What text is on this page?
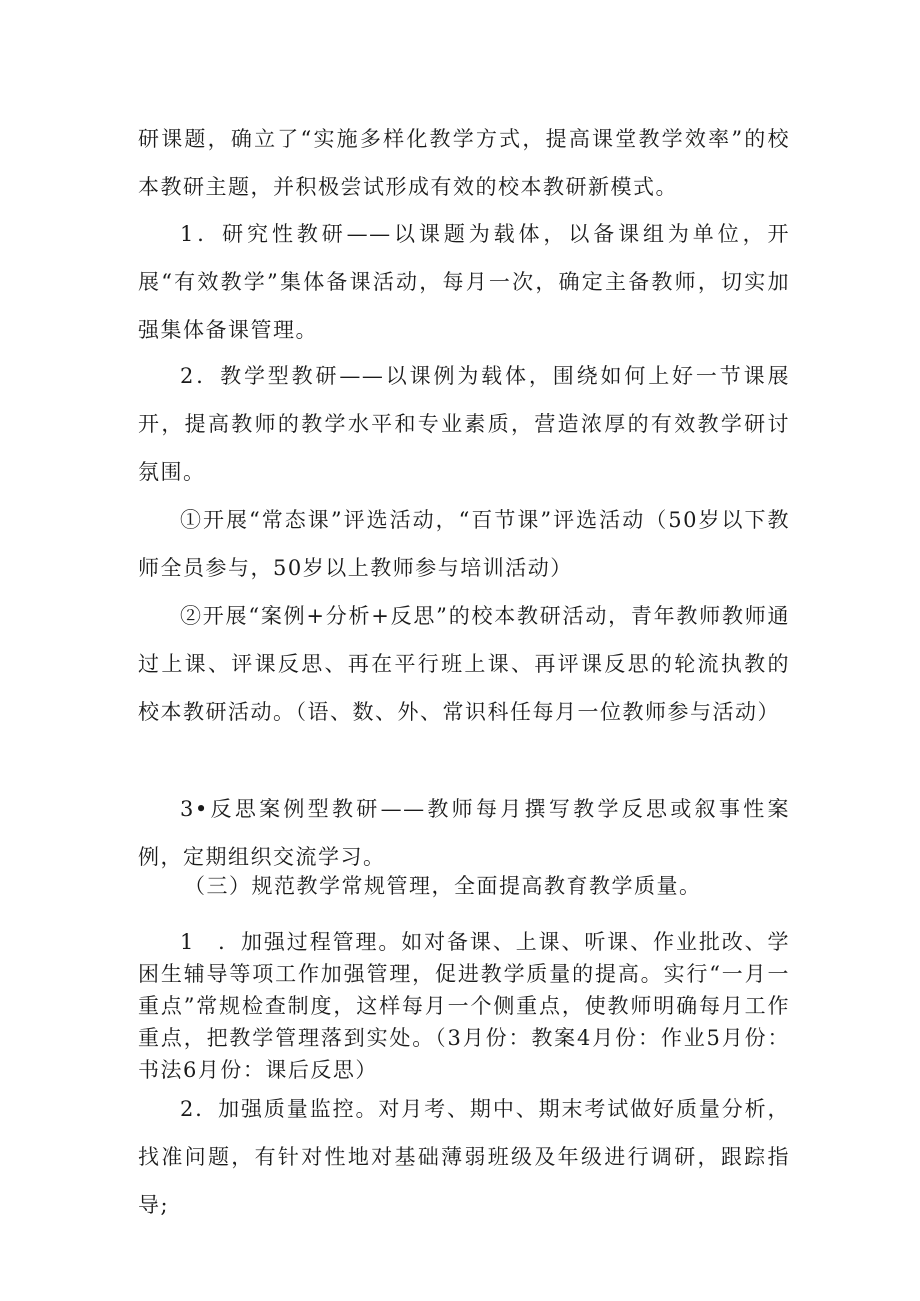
研课题，确立了“实施多样化教学方式，提高课堂教学效率”的校本教研主题，并积极尝试形成有效的校本教研新模式。

1．研究性教研——以课题为载体，以备课组为单位，开展“有效教学”集体备课活动，每月一次，确定主备教师，切实加强集体备课管理。

2．教学型教研——以课例为载体，围绕如何上好一节课展开，提高教师的教学水平和专业素质，营造浓厚的有效教学研讨氛围。

①开展“常态课”评选活动，“百节课”评选活动（50岁以下教师全员参与，50岁以上教师参与培训活动）

②开展“案例+分析+反思”的校本教研活动，青年教师教师通过上课、评课反思、再在平行班上课、再评课反思的轮流执教的校本教研活动。（语、数、外、常识科任每月一位教师参与活动）

3•反思案例型教研——教师每月撰写教学反思或叙事性案例，定期组织交流学习。

（三）规范教学常规管理，全面提高教育教学质量。

1　．加强过程管理。如对备课、上课、听课、作业批改、学困生辅导等项工作加强管理，促进教学质量的提高。实行“一月一重点”常规检查制度，这样每月一个侧重点，使教师明确每月工作重点，把教学管理落到实处。（3月份：教案4月份：作业5月份：书法6月份：课后反思）

2．加强质量监控。对月考、期中、期末考试做好质量分析，找准问题，有针对性地对基础薄弱班级及年级进行调研，跟踪指导;
